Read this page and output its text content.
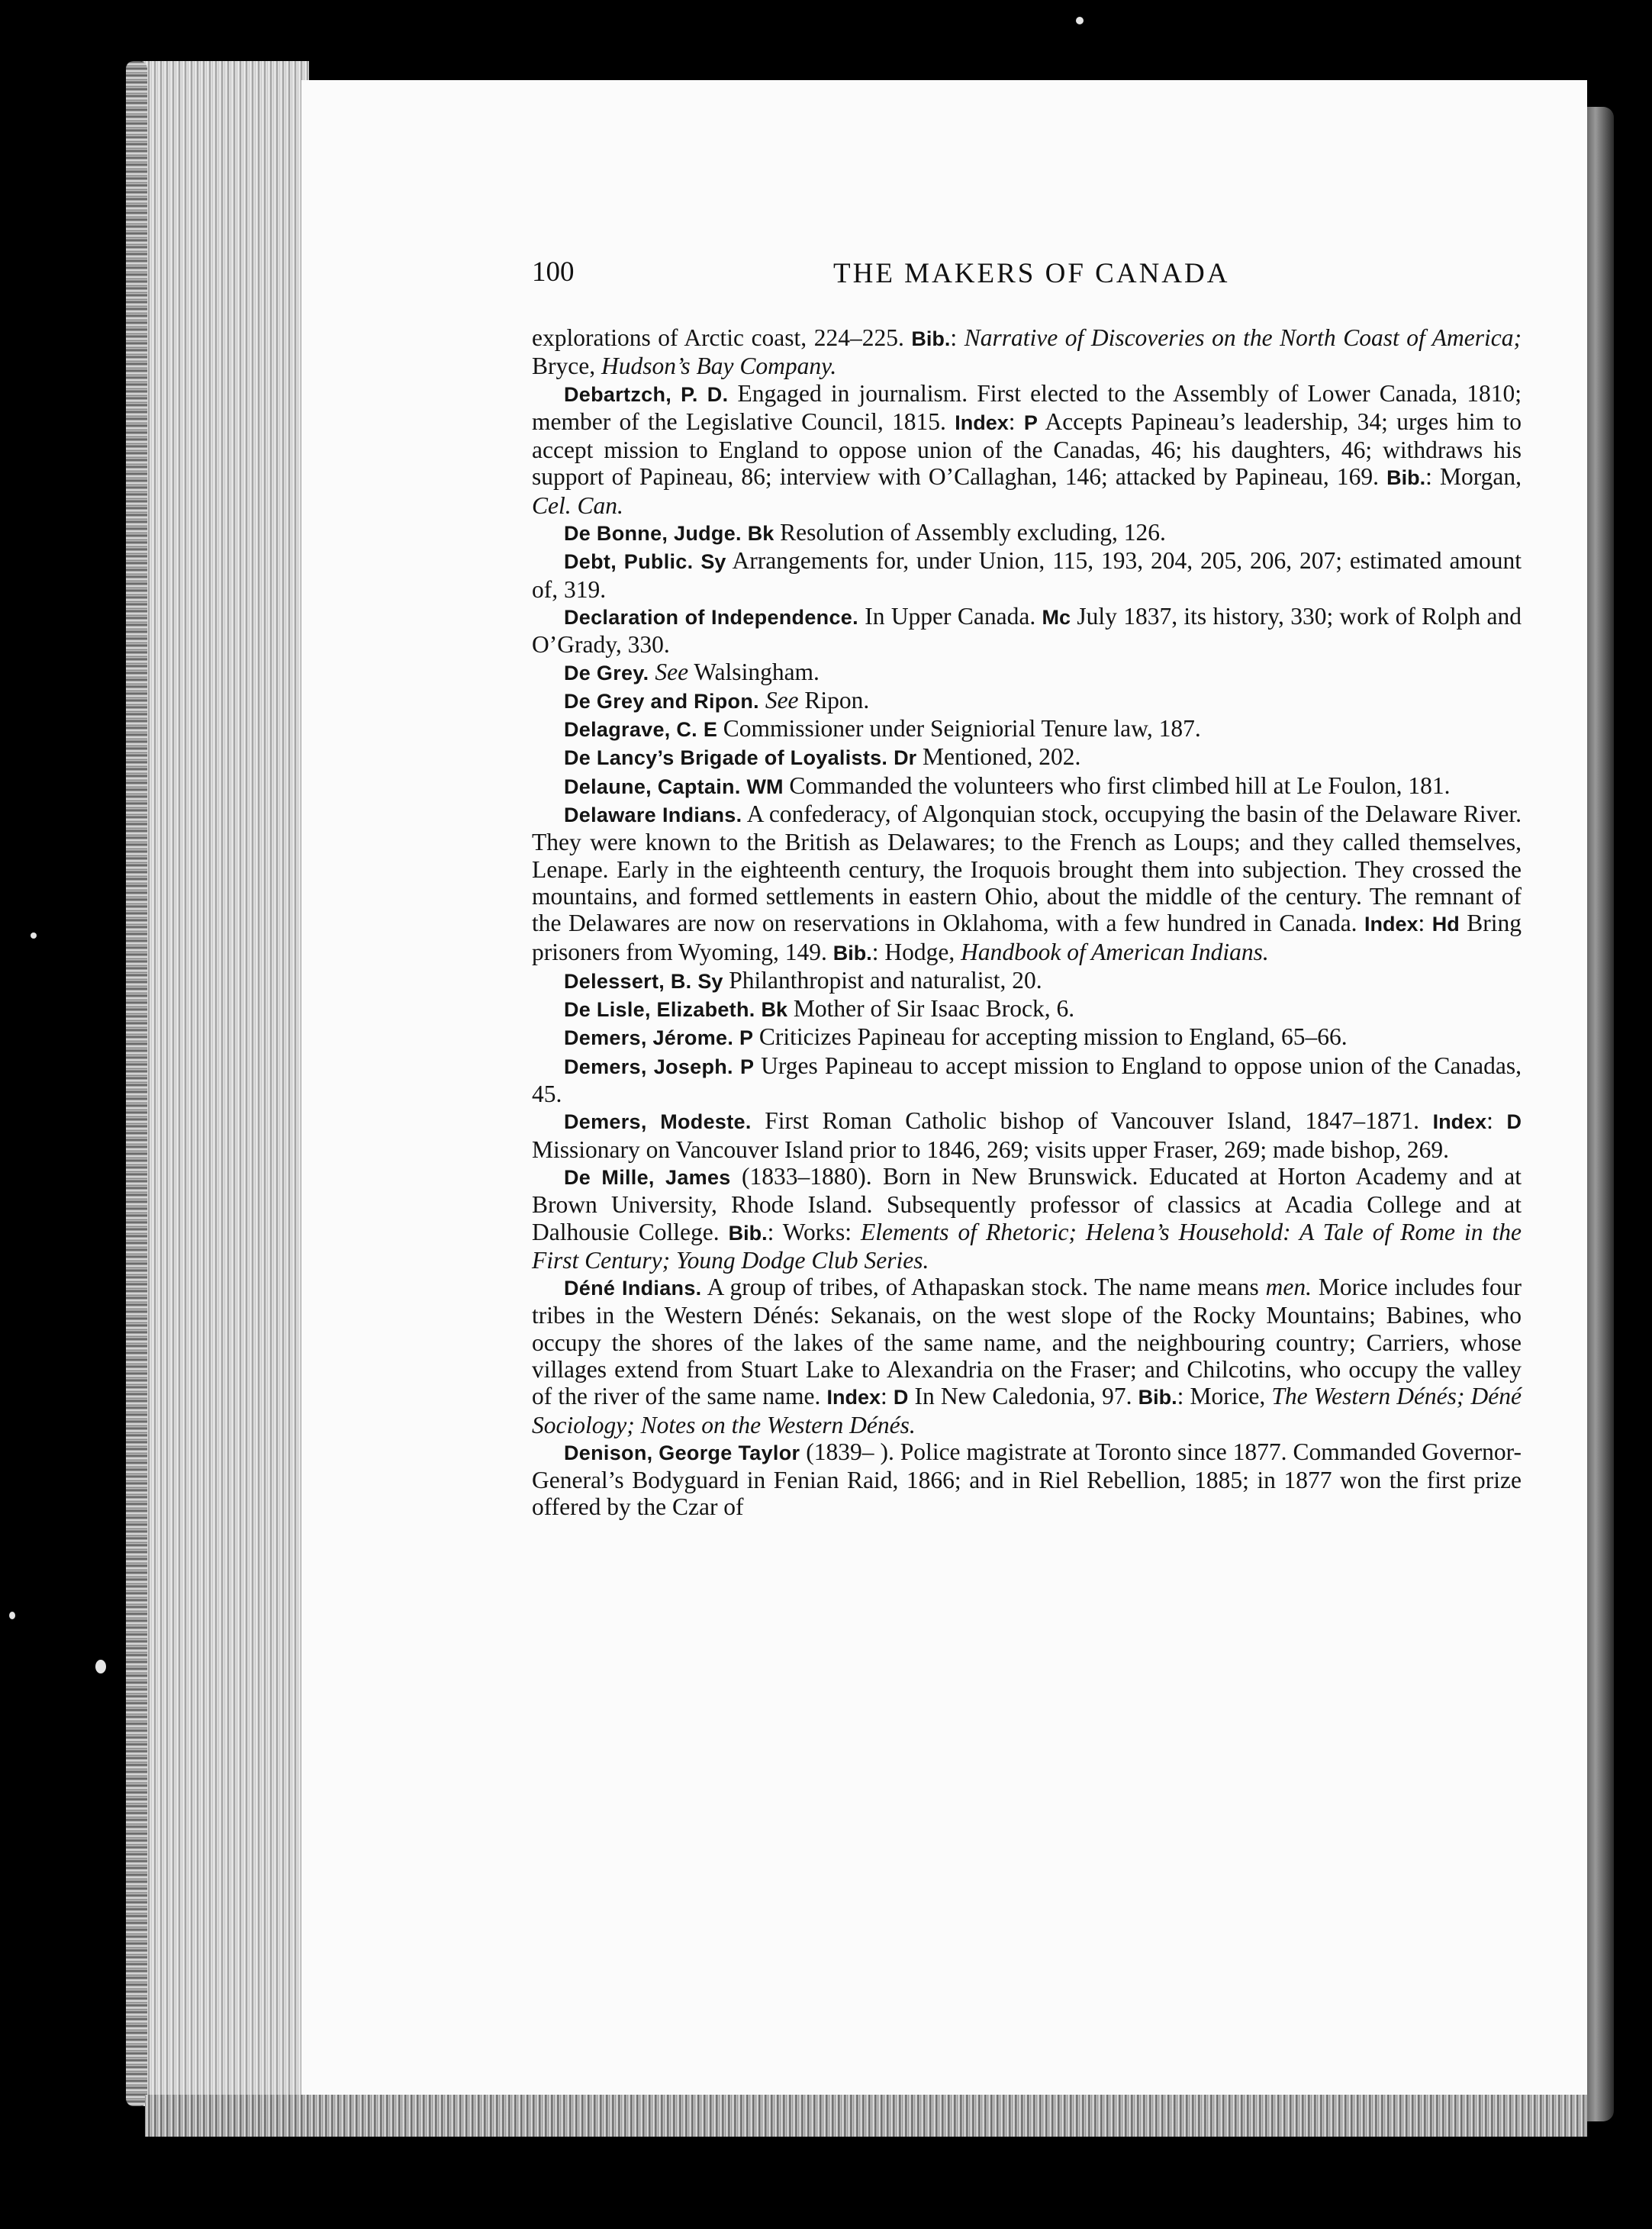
100	THE MAKERS OF CANADA

explorations of Arctic coast, 224–225. Bib.: Narrative of Discoveries on the North Coast of America; Bryce, Hudson’s Bay Company.

Debartzch, P. D. Engaged in journalism. First elected to the Assembly of Lower Canada, 1810; member of the Legislative Council, 1815. Index: P Accepts Papineau’s leadership, 34; urges him to accept mission to England to oppose union of the Canadas, 46; his daughters, 46; withdraws his support of Papineau, 86; interview with O’Callaghan, 146; attacked by Papineau, 169. Bib.: Morgan, Cel. Can.

De Bonne, Judge. Bk Resolution of Assembly excluding, 126.

Debt, Public. Sy Arrangements for, under Union, 115, 193, 204, 205, 206, 207; estimated amount of, 319.

Declaration of Independence. In Upper Canada. Mc July 1837, its history, 330; work of Rolph and O’Grady, 330.

De Grey. See Walsingham.

De Grey and Ripon. See Ripon.

Delagrave, C. E Commissioner under Seigniorial Tenure law, 187.

De Lancy’s Brigade of Loyalists. Dr Mentioned, 202.

Delaune, Captain. WM Commanded the volunteers who first climbed hill at Le Foulon, 181.

Delaware Indians. A confederacy, of Algonquian stock, occupying the basin of the Delaware River. They were known to the British as Delawares; to the French as Loups; and they called themselves, Lenape. Early in the eighteenth century, the Iroquois brought them into subjection. They crossed the mountains, and formed settlements in eastern Ohio, about the middle of the century. The remnant of the Delawares are now on reservations in Oklahoma, with a few hundred in Canada. Index: Hd Bring prisoners from Wyoming, 149. Bib.: Hodge, Handbook of American Indians.

Delessert, B. Sy Philanthropist and naturalist, 20.

De Lisle, Elizabeth. Bk Mother of Sir Isaac Brock, 6.

Demers, Jérome. P Criticizes Papineau for accepting mission to England, 65–66.

Demers, Joseph. P Urges Papineau to accept mission to England to oppose union of the Canadas, 45.

Demers, Modeste. First Roman Catholic bishop of Vancouver Island, 1847–1871. Index: D Missionary on Vancouver Island prior to 1846, 269; visits upper Fraser, 269; made bishop, 269.

De Mille, James (1833–1880). Born in New Brunswick. Educated at Horton Academy and at Brown University, Rhode Island. Subsequently professor of classics at Acadia College and at Dalhousie College. Bib.: Works: Elements of Rhetoric; Helena’s Household: A Tale of Rome in the First Century; Young Dodge Club Series.

Déné Indians. A group of tribes, of Athapaskan stock. The name means men. Morice includes four tribes in the Western Dénés: Sekanais, on the west slope of the Rocky Mountains; Babines, who occupy the shores of the lakes of the same name, and the neighbouring country; Carriers, whose villages extend from Stuart Lake to Alexandria on the Fraser; and Chilcotins, who occupy the valley of the river of the same name. Index: D In New Caledonia, 97. Bib.: Morice, The Western Dénés; Déné Sociology; Notes on the Western Dénés.

Denison, George Taylor (1839– ). Police magistrate at Toronto since 1877. Commanded Governor-General’s Bodyguard in Fenian Raid, 1866; and in Riel Rebellion, 1885; in 1877 won the first prize offered by the Czar of
